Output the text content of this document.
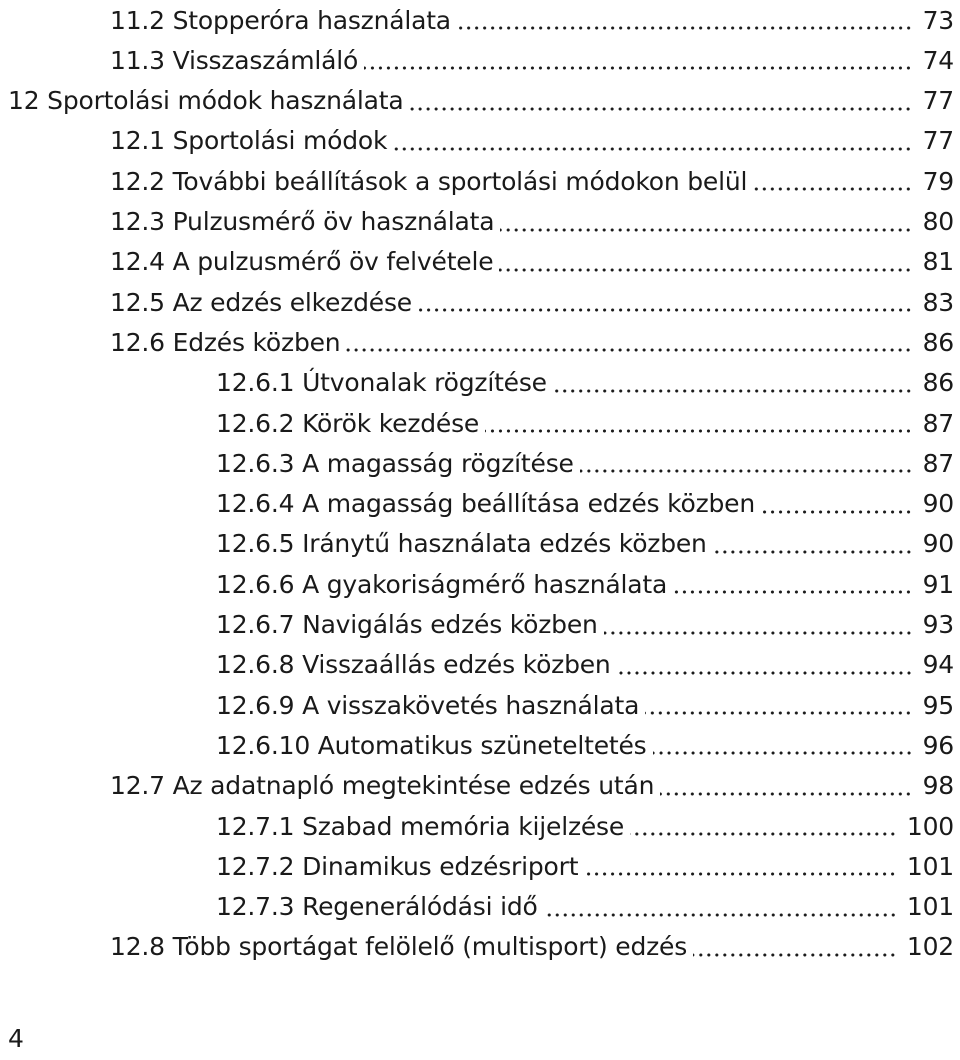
11.2 Stopperóra használata	73
11.3 Visszaszámláló	74
12 Sportolási módok használata	77
12.1 Sportolási módok	77
12.2 További beállítások a sportolási módokon belül	79
12.3 Pulzusmérő öv használata	80
12.4 A pulzusmérő öv felvétele	81
12.5 Az edzés elkezdése	83
12.6 Edzés közben	86
12.6.1 Útvonalak rögzítése	86
12.6.2 Körök kezdése	87
12.6.3 A magasság rögzítése	87
12.6.4 A magasság beállítása edzés közben	90
12.6.5 Iránytű használata edzés közben	90
12.6.6 A gyakoriságmérő használata	91
12.6.7 Navigálás edzés közben	93
12.6.8 Visszaállás edzés közben	94
12.6.9 A visszakövetés használata	95
12.6.10 Automatikus szüneteltetés	96
12.7 Az adatnapló megtekintése edzés után	98
12.7.1 Szabad memória kijelzése	100
12.7.2 Dinamikus edzésriport	101
12.7.3 Regenerálódási idő	101
12.8 Több sportágat felölelő (multisport) edzés	102
4
